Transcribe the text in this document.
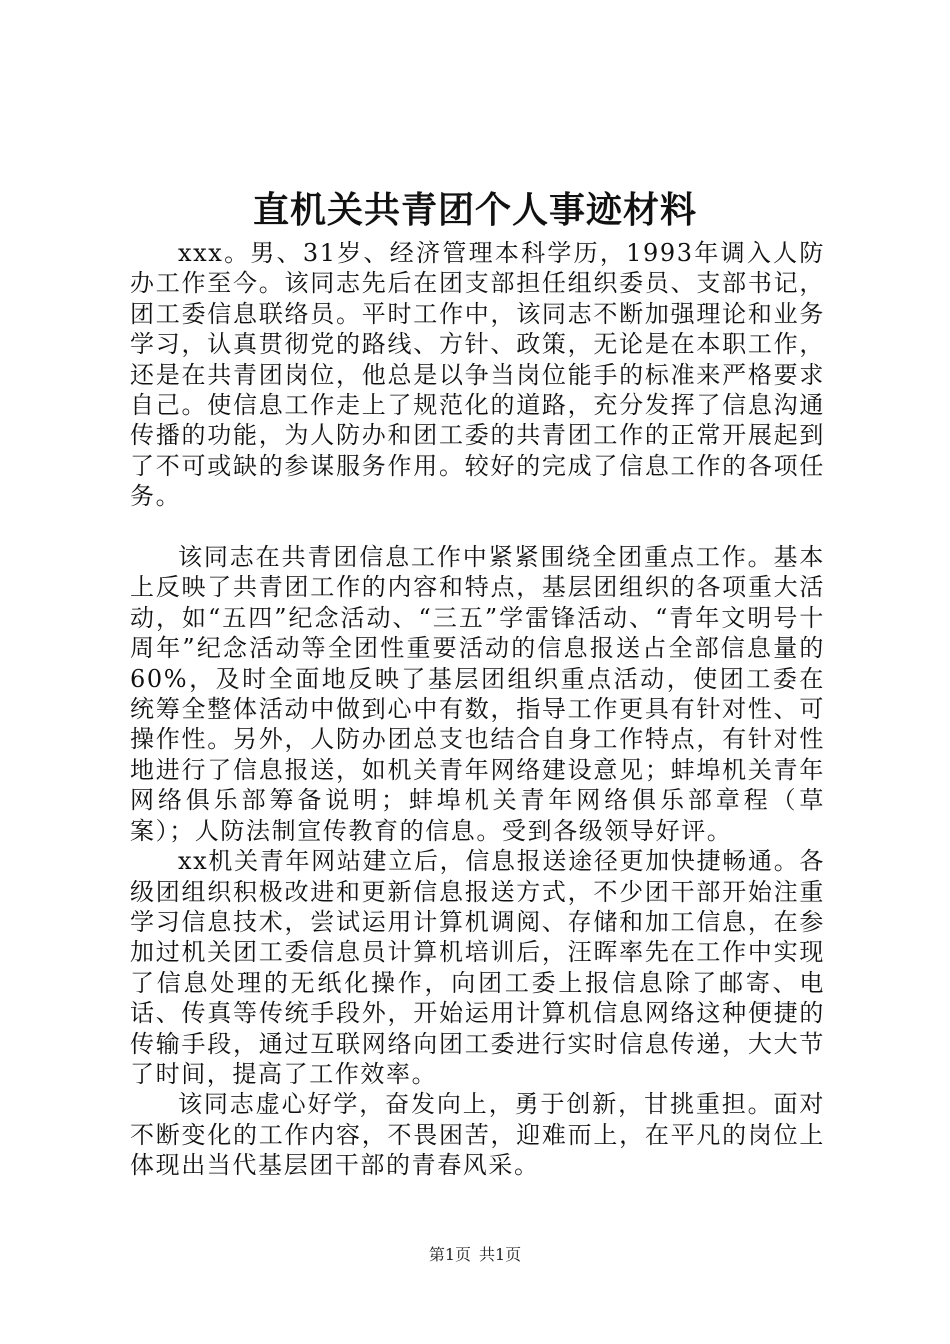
直机关共青团个人事迹材料

xxx。男、31岁、经济管理本科学历，1993年调入人防办工作至今。该同志先后在团支部担任组织委员、支部书记，团工委信息联络员。平时工作中，该同志不断加强理论和业务学习，认真贯彻党的路线、方针、政策，无论是在本职工作，还是在共青团岗位，他总是以争当岗位能手的标准来严格要求自己。使信息工作走上了规范化的道路，充分发挥了信息沟通传播的功能，为人防办和团工委的共青团工作的正常开展起到了不可或缺的参谋服务作用。较好的完成了信息工作的各项任务。

该同志在共青团信息工作中紧紧围绕全团重点工作。基本上反映了共青团工作的内容和特点，基层团组织的各项重大活动，如“五四”纪念活动、“三五”学雷锋活动、“青年文明号十周年”纪念活动等全团性重要活动的信息报送占全部信息量的60%，及时全面地反映了基层团组织重点活动，使团工委在统筹全整体活动中做到心中有数，指导工作更具有针对性、可操作性。另外，人防办团总支也结合自身工作特点，有针对性地进行了信息报送，如机关青年网络建设意见；蚌埠机关青年网络俱乐部筹备说明；蚌埠机关青年网络俱乐部章程（草案）；人防法制宣传教育的信息。受到各级领导好评。

xx机关青年网站建立后，信息报送途径更加快捷畅通。各级团组织积极改进和更新信息报送方式，不少团干部开始注重学习信息技术，尝试运用计算机调阅、存储和加工信息，在参加过机关团工委信息员计算机培训后，汪晖率先在工作中实现了信息处理的无纸化操作，向团工委上报信息除了邮寄、电话、传真等传统手段外，开始运用计算机信息网络这种便捷的传输手段，通过互联网络向团工委进行实时信息传递，大大节了时间，提高了工作效率。

该同志虚心好学，奋发向上，勇于创新，甘挑重担。面对不断变化的工作内容，不畏困苦，迎难而上，在平凡的岗位上体现出当代基层团干部的青春风采。

第1页 共1页
